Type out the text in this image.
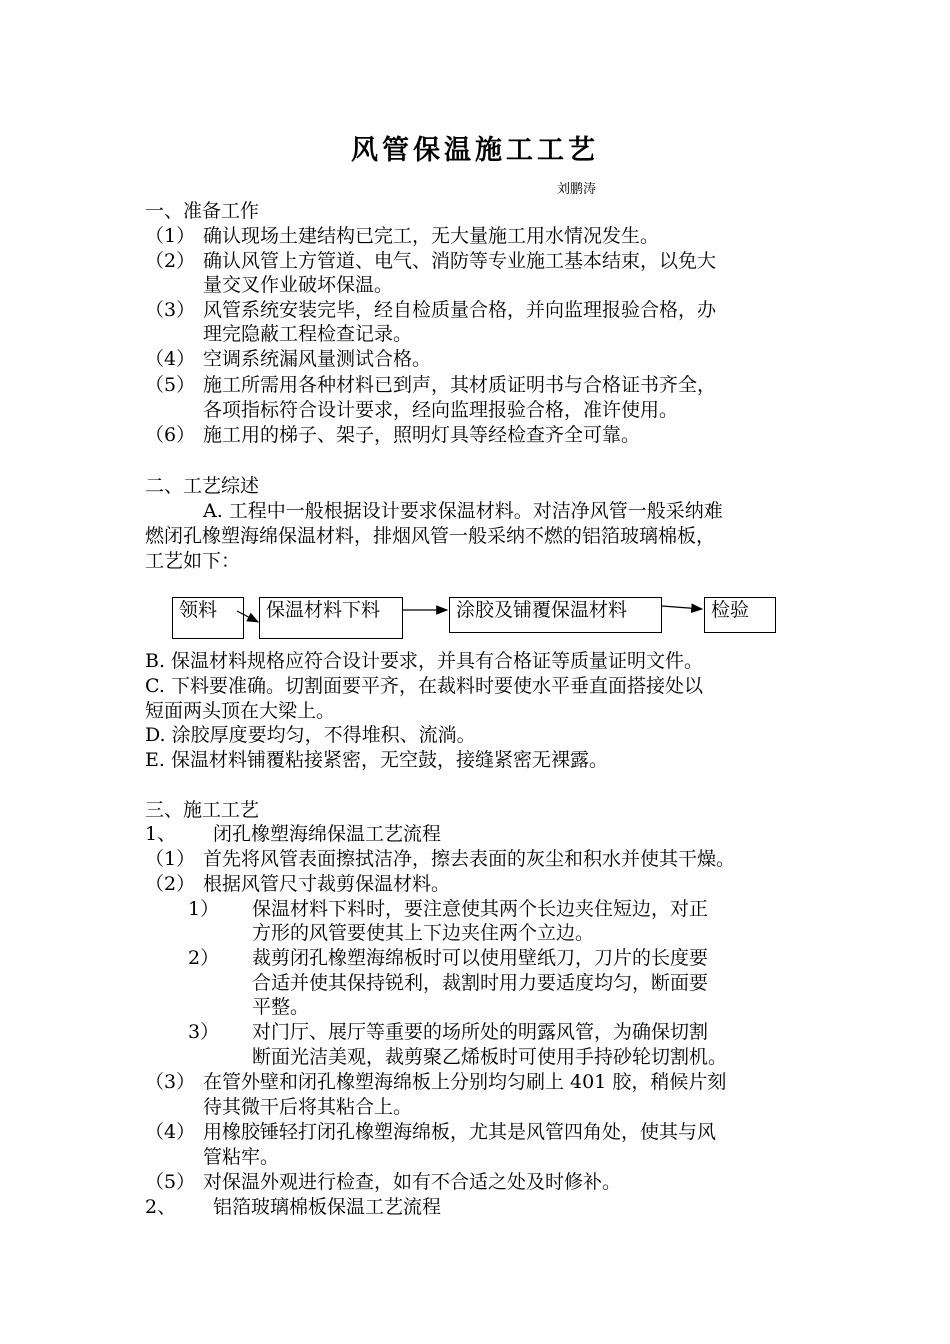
风管保温施工工艺
刘鹏涛
一、准备工作
（1） 确认现场土建结构已完工，无大量施工用水情况发生。
（2） 确认风管上方管道、电气、消防等专业施工基本结束，以免大
量交叉作业破坏保温。
（3） 风管系统安装完毕，经自检质量合格，并向监理报验合格，办
理完隐蔽工程检查记录。
（4） 空调系统漏风量测试合格。
（5） 施工所需用各种材料已到声，其材质证明书与合格证书齐全，
各项指标符合设计要求，经向监理报验合格，准许使用。
（6） 施工用的梯子、架子，照明灯具等经检查齐全可靠。
二、工艺综述
A. 工程中一般根据设计要求保温材料。对洁净风管一般采纳难
燃闭孔橡塑海绵保温材料，排烟风管一般采纳不燃的铝箔玻璃棉板，
工艺如下：
领料	保温材料下料	涂胶及铺覆保温材料	检验
B. 保温材料规格应符合设计要求，并具有合格证等质量证明文件。
C. 下料要准确。切割面要平齐，在裁料时要使水平垂直面搭接处以
短面两头顶在大梁上。
D. 涂胶厚度要均匀，不得堆积、流淌。
E. 保温材料铺覆粘接紧密，无空鼓，接缝紧密无裸露。
三、施工工艺
1、 闭孔橡塑海绵保温工艺流程
（1） 首先将风管表面擦拭洁净，擦去表面的灰尘和积水并使其干燥。
（2） 根据风管尺寸裁剪保温材料。
1） 保温材料下料时，要注意使其两个长边夹住短边，对正
方形的风管要使其上下边夹住两个立边。
2） 裁剪闭孔橡塑海绵板时可以使用壁纸刀，刀片的长度要
合适并使其保持锐利，裁割时用力要适度均匀，断面要
平整。
3） 对门厅、展厅等重要的场所处的明露风管，为确保切割
断面光洁美观，裁剪聚乙烯板时可使用手持砂轮切割机。
（3） 在管外壁和闭孔橡塑海绵板上分别均匀刷上 401 胶，稍候片刻
待其微干后将其粘合上。
（4） 用橡胶锤轻打闭孔橡塑海绵板，尤其是风管四角处，使其与风
管粘牢。
（5） 对保温外观进行检查，如有不合适之处及时修补。
2、 铝箔玻璃棉板保温工艺流程
